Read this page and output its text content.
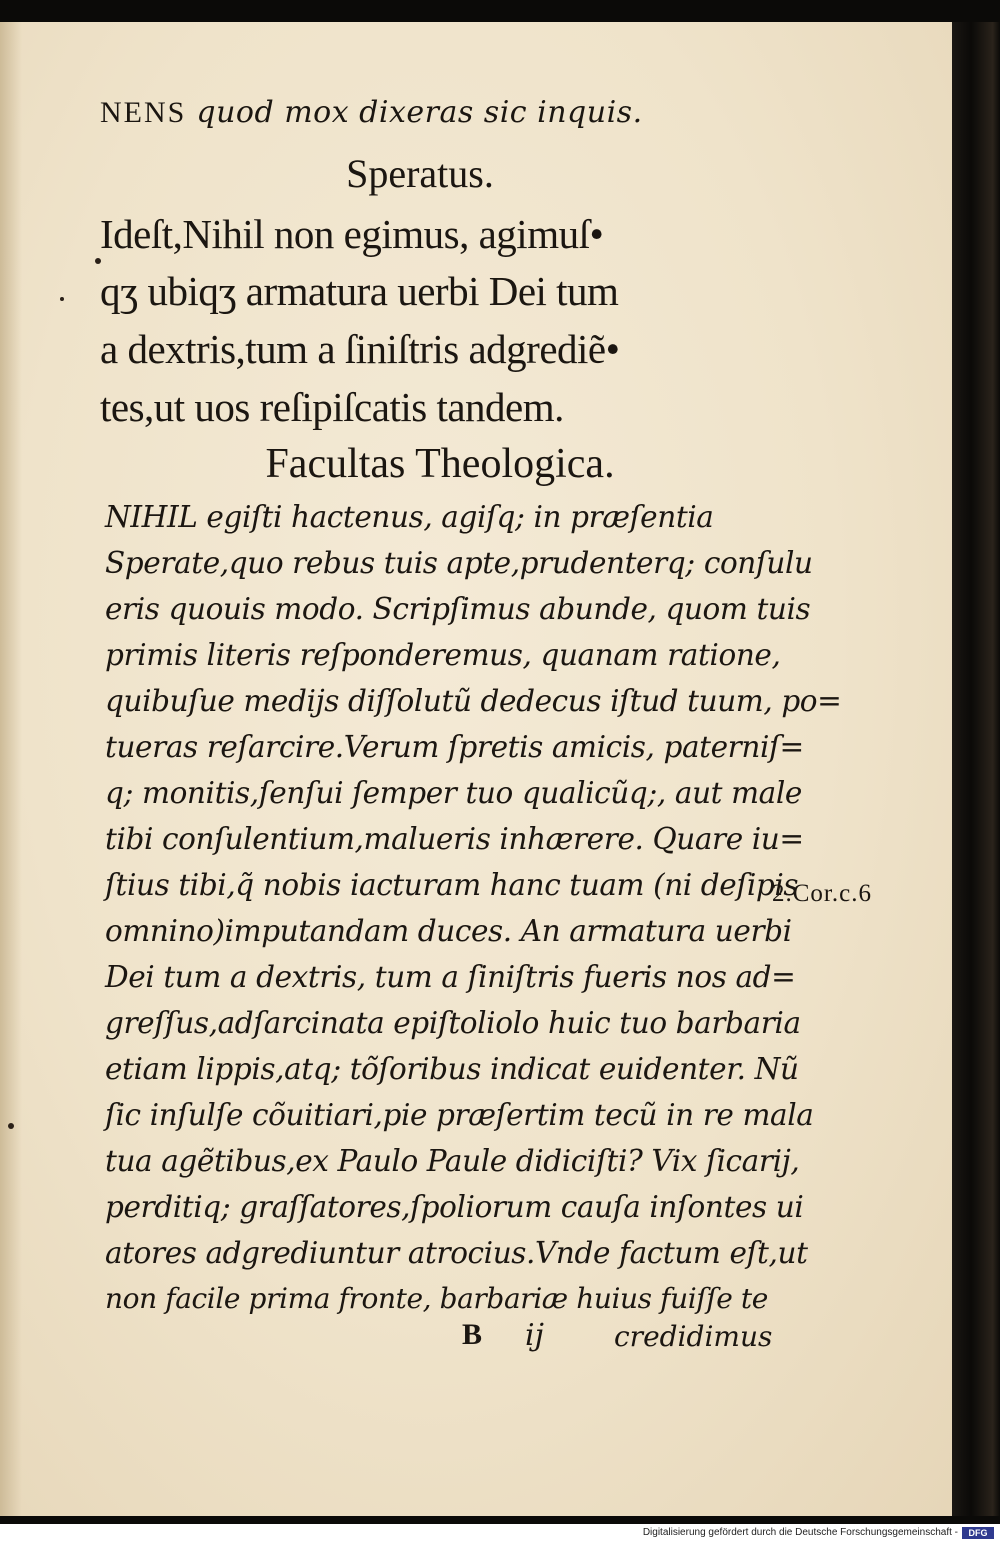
NENS quod mox dixeras sic inquis.
Speratus.
Ideſt,Nihil non egimus, agimuſ•
qʒ ubiqʒ armatura uerbi Dei tum
a dextris,tum a ſiniſtris adgrediẽ•
tes,ut uos reſipiſcatis tandem.
Facultas Theologica.
NIHIL egiſti hactenus, agiſq; in præſentia
Sperate,quo rebus tuis apte,prudenterq; conſulu
eris quouis modo. Scripſimus abunde, quom tuis
primis literis reſponderemus, quanam ratione,
quibuſue medijs diſſolutũ dedecus iſtud tuum, po=
tueras reſarcire.Verum ſpretis amicis, paterniſ=
q; monitis,ſenſui ſemper tuo qualicũq;, aut male
tibi conſulentium,malueris inhærere. Quare iu=
ſtius tibi,q̃ nobis iacturam hanc tuam (ni deſipis
omnino)imputandam duces. An armatura uerbi
Dei tum a dextris, tum a ſiniſtris fueris nos ad=
greſſus,adſarcinata epiſtoliolo huic tuo barbaria
etiam lippis,atq; tõſoribus indicat euidenter. Nũ
ſic inſulſe cõuitiari,pie præſertim tecũ in re mala
tua agẽtibus,ex Paulo Paule didiciſti? Vix ſicarij,
perditiq; graſſatores,ſpoliorum cauſa inſontes ui
atores adgrediuntur atrocius.Vnde factum eſt,ut
non facile prima fronte, barbariæ huius fuiſſe te
2.Cor.c.6
B ij	credidimus
Digitalisierung gefördert durch die Deutsche Forschungsgemeinschaft -	DFG
